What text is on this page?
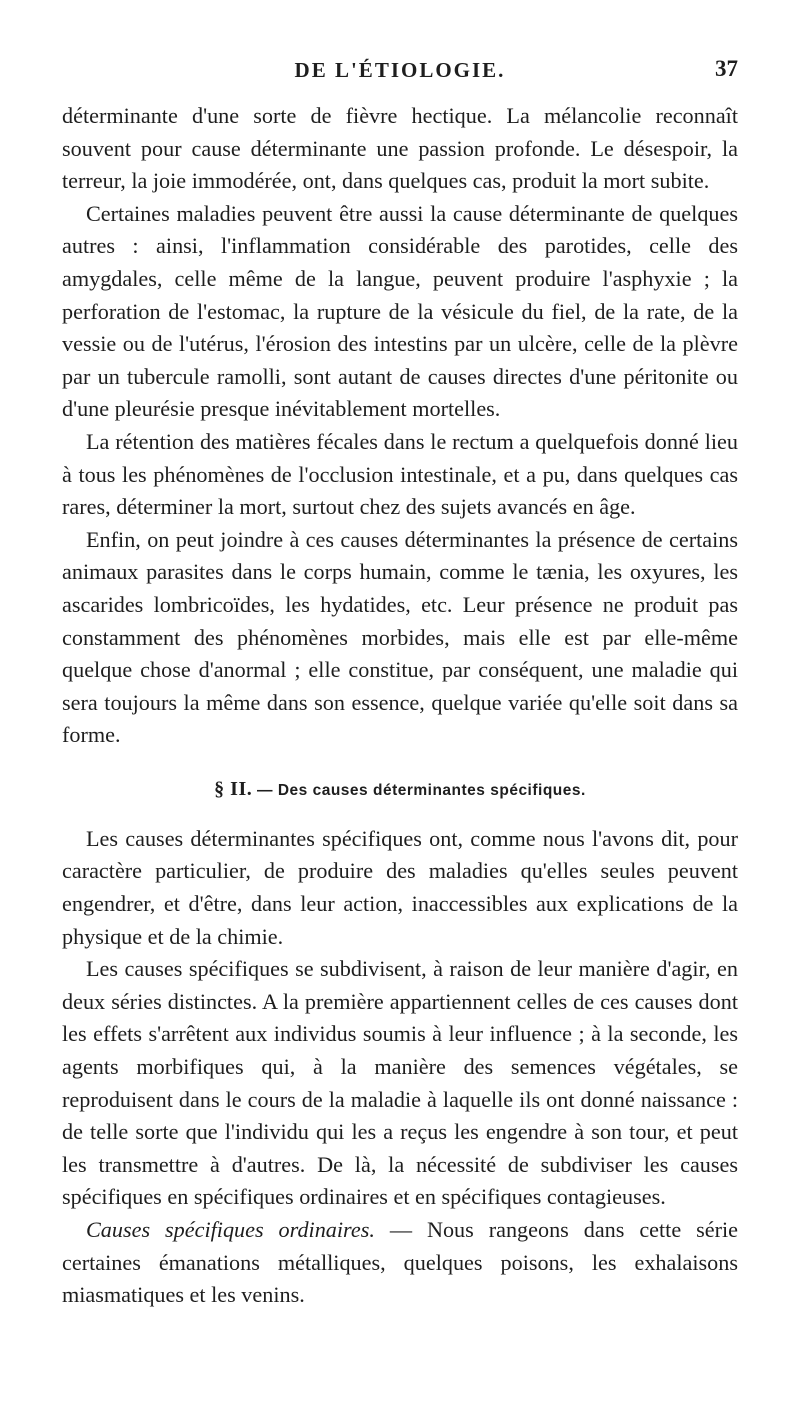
DE L'ÉTIOLOGIE.	37

déterminante d'une sorte de fièvre hectique. La mélancolie reconnaît souvent pour cause déterminante une passion profonde. Le désespoir, la terreur, la joie immodérée, ont, dans quelques cas, produit la mort subite.

Certaines maladies peuvent être aussi la cause déterminante de quelques autres : ainsi, l'inflammation considérable des parotides, celle des amygdales, celle même de la langue, peuvent produire l'asphyxie ; la perforation de l'estomac, la rupture de la vésicule du fiel, de la rate, de la vessie ou de l'utérus, l'érosion des intestins par un ulcère, celle de la plèvre par un tubercule ramolli, sont autant de causes directes d'une péritonite ou d'une pleurésie presque inévitablement mortelles.

La rétention des matières fécales dans le rectum a quelquefois donné lieu à tous les phénomènes de l'occlusion intestinale, et a pu, dans quelques cas rares, déterminer la mort, surtout chez des sujets avancés en âge.

Enfin, on peut joindre à ces causes déterminantes la présence de certains animaux parasites dans le corps humain, comme le tænia, les oxyures, les ascarides lombricoïdes, les hydatides, etc. Leur présence ne produit pas constamment des phénomènes morbides, mais elle est par elle-même quelque chose d'anormal ; elle constitue, par conséquent, une maladie qui sera toujours la même dans son essence, quelque variée qu'elle soit dans sa forme.

§ II. — Des causes déterminantes spécifiques.

Les causes déterminantes spécifiques ont, comme nous l'avons dit, pour caractère particulier, de produire des maladies qu'elles seules peuvent engendrer, et d'être, dans leur action, inaccessibles aux explications de la physique et de la chimie.

Les causes spécifiques se subdivisent, à raison de leur manière d'agir, en deux séries distinctes. A la première appartiennent celles de ces causes dont les effets s'arrêtent aux individus soumis à leur influence ; à la seconde, les agents morbifiques qui, à la manière des semences végétales, se reproduisent dans le cours de la maladie à laquelle ils ont donné naissance : de telle sorte que l'individu qui les a reçus les engendre à son tour, et peut les transmettre à d'autres. De là, la nécessité de subdiviser les causes spécifiques en spécifiques ordinaires et en spécifiques contagieuses.

Causes spécifiques ordinaires. — Nous rangeons dans cette série certaines émanations métalliques, quelques poisons, les exhalaisons miasmatiques et les venins.
